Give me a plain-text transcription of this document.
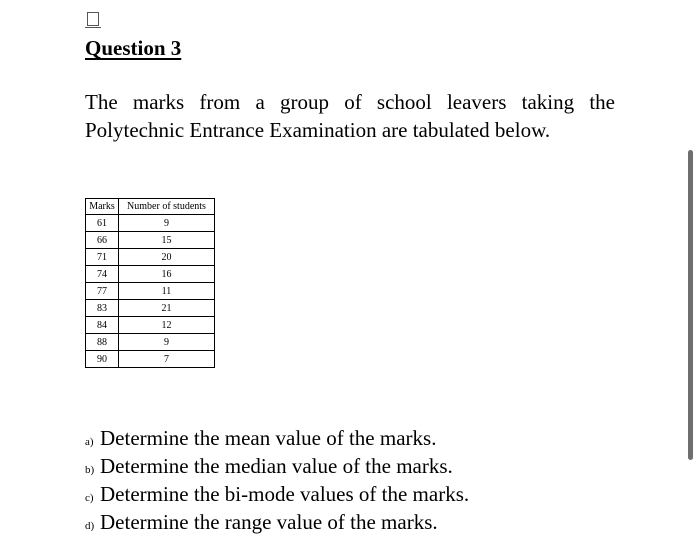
Question 3
The marks from a group of school leavers taking the Polytechnic Entrance Examination are tabulated below.
Marks	Number of students
61	9
66	15
71	20
74	16
77	11
83	21
84	12
88	9
90	7
a) Determine the mean value of the marks.
b) Determine the median value of the marks.
c) Determine the bi-mode values of the marks.
d) Determine the range value of the marks.
